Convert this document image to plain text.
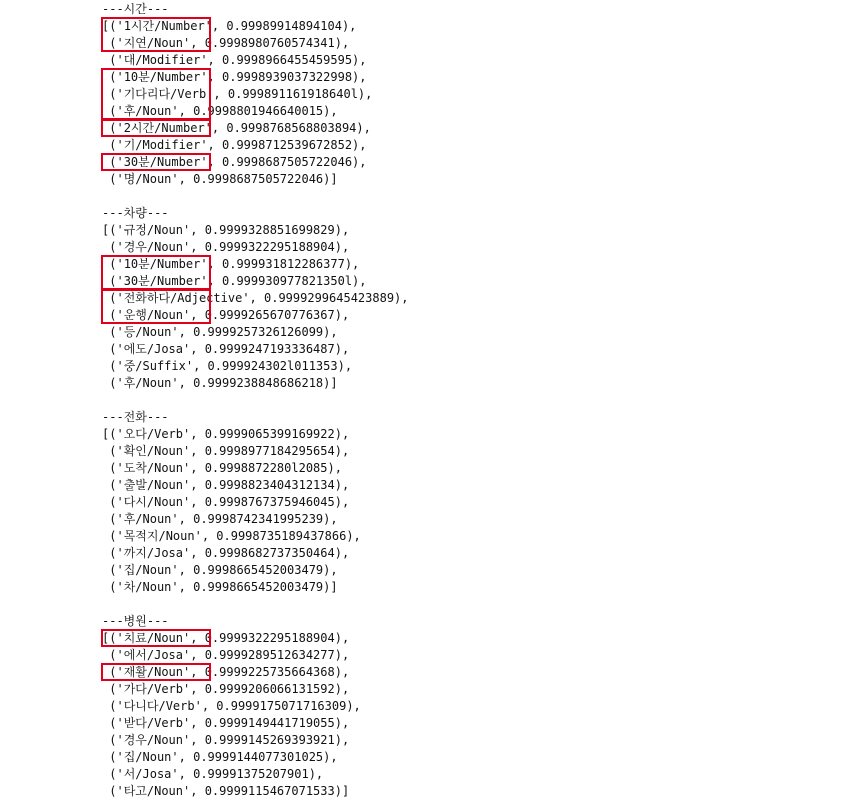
---시간---
[('1시간/Number', 0.99989914894104),
('지연/Noun', 0.9998980760574341),
('대/Modifier', 0.9998966455459595),
('10분/Number', 0.9998939037322998),
('기다리다/Verb', 0.999891161918640l),
('후/Noun', 0.9998801946640015),
('2시간/Number', 0.9998768568803894),
('기/Modifier', 0.9998712539672852),
('30분/Number', 0.9998687505722046),
('명/Noun', 0.9998687505722046)]
---차량---
[('규정/Noun', 0.9999328851699829),
('경우/Noun', 0.9999322295188904),
('10분/Number', 0.999931812286377),
('30분/Number', 0.999930977821350l),
('전화하다/Adjective', 0.9999299645423889),
('운행/Noun', 0.9999265670776367),
('등/Noun', 0.9999257326126099),
('에도/Josa', 0.9999247193336487),
('중/Suffix', 0.999924302l011353),
('후/Noun', 0.9999238848686218)]
---전화---
[('오다/Verb', 0.9999065399169922),
('확인/Noun', 0.9998977184295654),
('도착/Noun', 0.9998872280l2085),
('출발/Noun', 0.9998823404312134),
('다시/Noun', 0.9998767375946045),
('후/Noun', 0.9998742341995239),
('목적지/Noun', 0.9998735189437866),
('까지/Josa', 0.9998682737350464),
('집/Noun', 0.9998665452003479),
('차/Noun', 0.9998665452003479)]
---병원---
[('치료/Noun', 0.9999322295188904),
('에서/Josa', 0.9999289512634277),
('재활/Noun', 0.9999225735664368),
('가다/Verb', 0.9999206066131592),
('다니다/Verb', 0.9999175071716309),
('받다/Verb', 0.9999149441719055),
('경우/Noun', 0.9999145269393921),
('집/Noun', 0.9999144077301025),
('서/Josa', 0.99991375207901),
('타고/Noun', 0.9999115467071533)]
